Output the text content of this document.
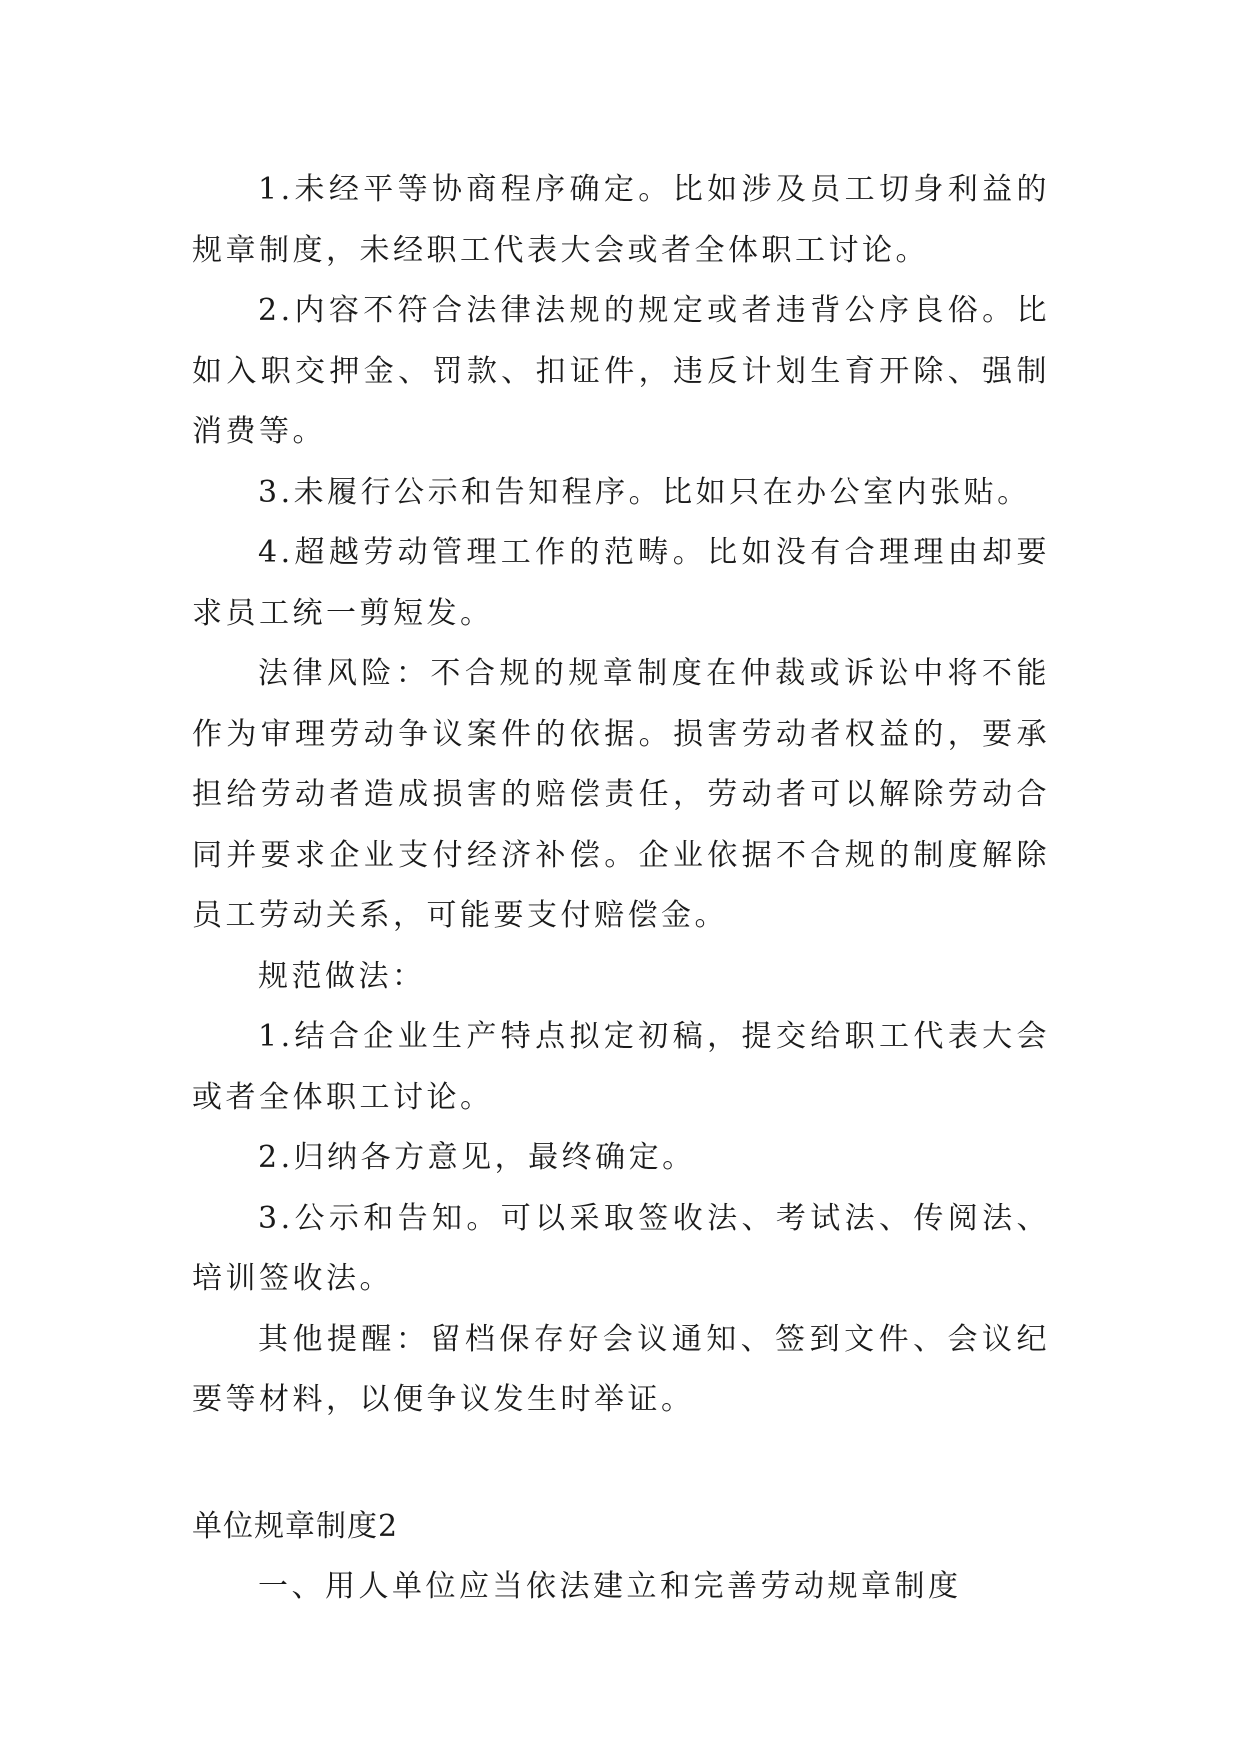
1.未经平等协商程序确定。比如涉及员工切身利益的规章制度，未经职工代表大会或者全体职工讨论。

2.内容不符合法律法规的规定或者违背公序良俗。比如入职交押金、罚款、扣证件，违反计划生育开除、强制消费等。

3.未履行公示和告知程序。比如只在办公室内张贴。

4.超越劳动管理工作的范畴。比如没有合理理由却要求员工统一剪短发。

法律风险：不合规的规章制度在仲裁或诉讼中将不能作为审理劳动争议案件的依据。损害劳动者权益的，要承担给劳动者造成损害的赔偿责任，劳动者可以解除劳动合同并要求企业支付经济补偿。企业依据不合规的制度解除员工劳动关系，可能要支付赔偿金。

规范做法：

1.结合企业生产特点拟定初稿，提交给职工代表大会或者全体职工讨论。

2.归纳各方意见，最终确定。

3.公示和告知。可以采取签收法、考试法、传阅法、培训签收法。

其他提醒：留档保存好会议通知、签到文件、会议纪要等材料，以便争议发生时举证。

单位规章制度2

一、用人单位应当依法建立和完善劳动规章制度
